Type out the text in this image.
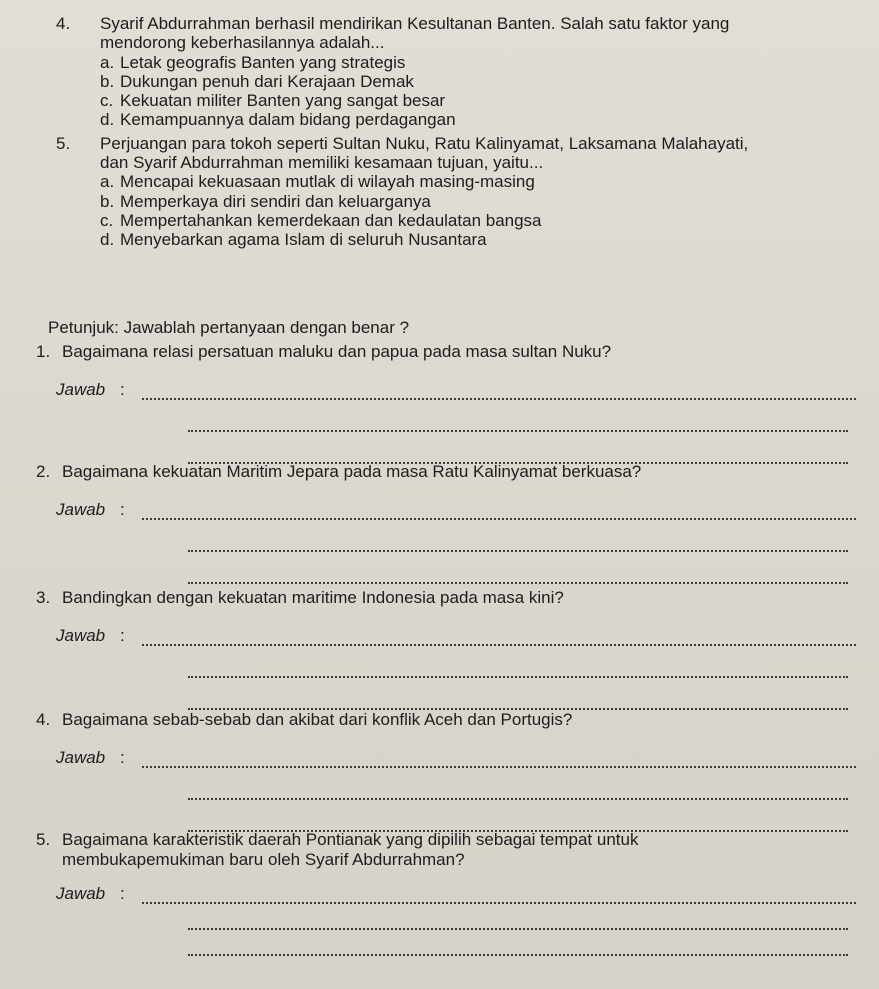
4.	Syarif Abdurrahman berhasil mendirikan Kesultanan Banten. Salah satu faktor yang
mendorong keberhasilannya adalah...
a. Letak geografis Banten yang strategis
b. Dukungan penuh dari Kerajaan Demak
c. Kekuatan militer Banten yang sangat besar
d. Kemampuannya dalam bidang perdagangan
5.	Perjuangan para tokoh seperti Sultan Nuku, Ratu Kalinyamat, Laksamana Malahayati,
dan Syarif Abdurrahman memiliki kesamaan tujuan, yaitu...
a. Mencapai kekuasaan mutlak di wilayah masing-masing
b. Memperkaya diri sendiri dan keluarganya
c. Mempertahankan kemerdekaan dan kedaulatan bangsa
d. Menyebarkan agama Islam di seluruh Nusantara
Petunjuk: Jawablah pertanyaan dengan benar ?
1. Bagaimana relasi persatuan maluku dan papua pada masa sultan Nuku?
Jawab :
2. Bagaimana kekuatan Maritim Jepara pada masa Ratu Kalinyamat berkuasa?
Jawab :
3. Bandingkan dengan kekuatan maritime Indonesia pada masa kini?
Jawab :
4. Bagaimana sebab-sebab dan akibat dari konflik Aceh dan Portugis?
Jawab :
5. Bagaimana karakteristik daerah Pontianak yang dipilih sebagai tempat untuk
membukapemukiman baru oleh Syarif Abdurrahman?
Jawab :
